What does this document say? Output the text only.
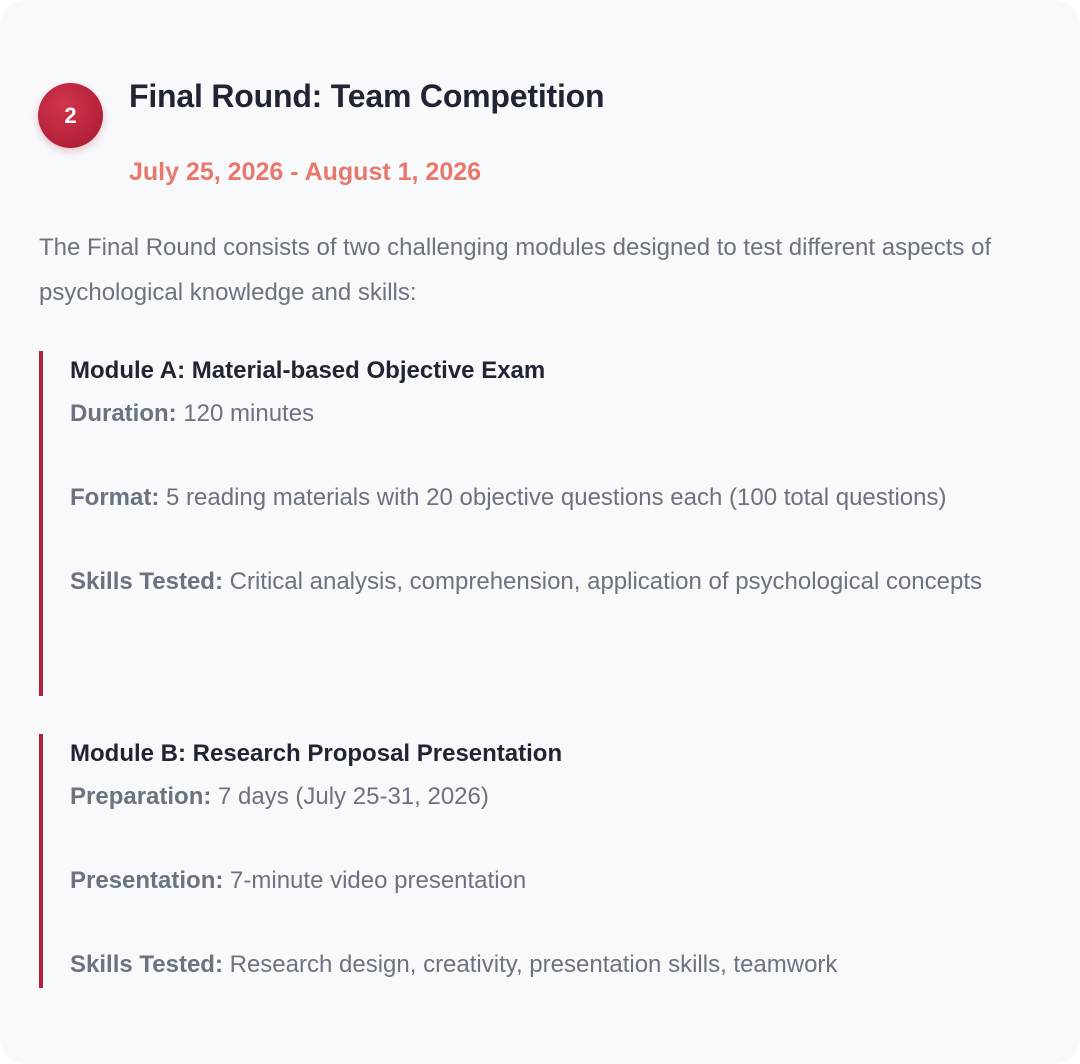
2
Final Round: Team Competition
July 25, 2026 - August 1, 2026

The Final Round consists of two challenging modules designed to test different aspects of psychological knowledge and skills:

Module A: Material-based Objective Exam

Duration: 120 minutes

Format: 5 reading materials with 20 objective questions each (100 total questions)

Skills Tested: Critical analysis, comprehension, application of psychological concepts

Module B: Research Proposal Presentation

Preparation: 7 days (July 25-31, 2026)

Presentation: 7-minute video presentation

Skills Tested: Research design, creativity, presentation skills, teamwork
